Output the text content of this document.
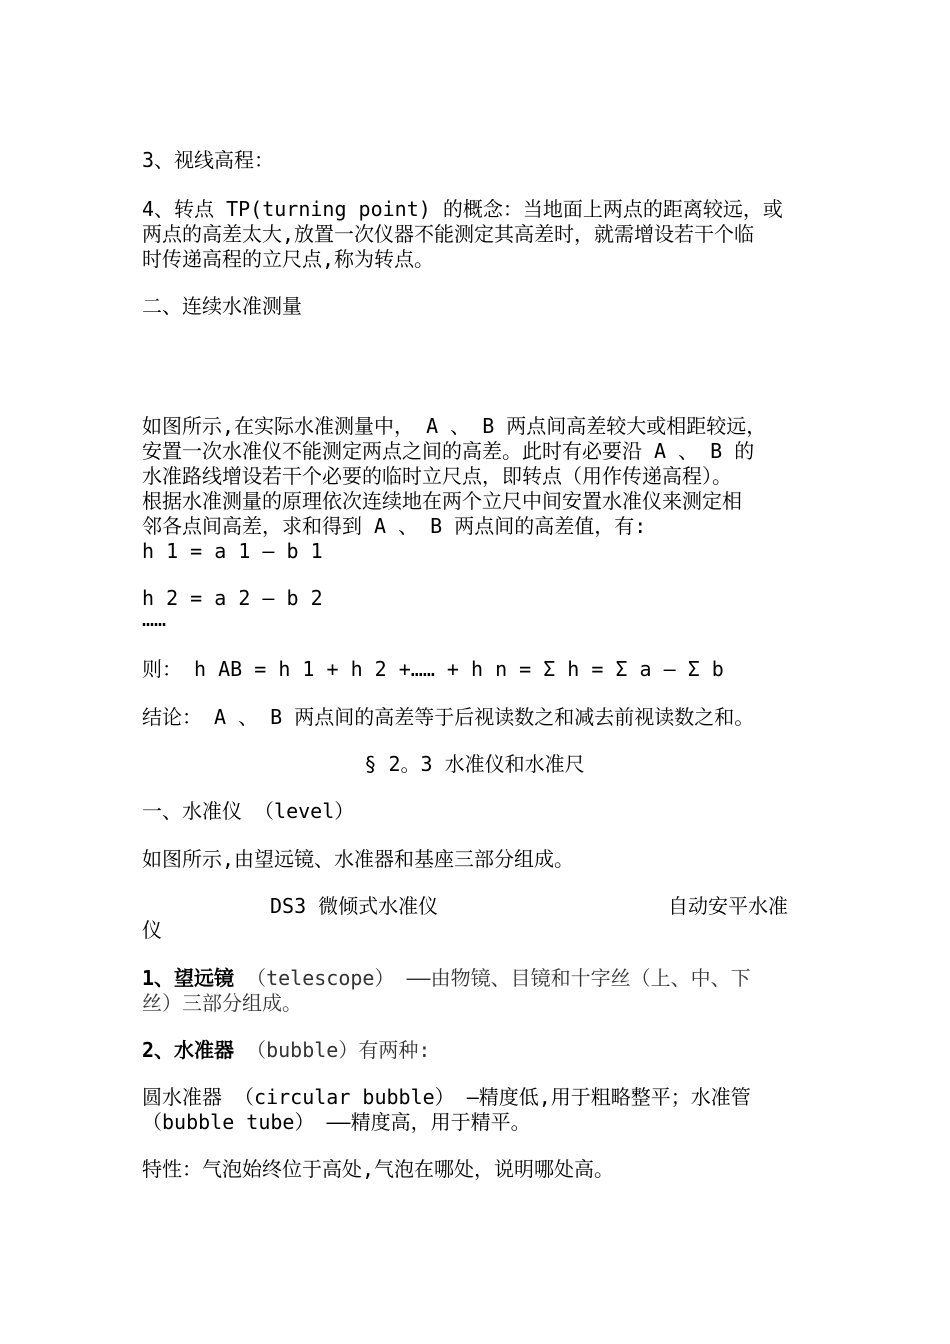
3、视线高程：
4、转点 TP(turning point) 的概念：当地面上两点的距离较远，或
两点的高差太大,放置一次仪器不能测定其高差时，就需增设若干个临
时传递高程的立尺点,称为转点。
二、连续水准测量
如图所示,在实际水准测量中， A 、 B 两点间高差较大或相距较远，
安置一次水准仪不能测定两点之间的高差。此时有必要沿 A 、 B 的
水准路线增设若干个必要的临时立尺点，即转点（用作传递高程）。
根据水准测量的原理依次连续地在两个立尺中间安置水准仪来测定相
邻各点间高差，求和得到 A 、 B 两点间的高差值，有:
h 1 = a 1 — b 1
h 2 = a 2 — b 2
……
则： h AB = h 1 + h 2 +…… + h n = Σ h = Σ a — Σ b
结论： A 、 B 两点间的高差等于后视读数之和减去前视读数之和。
§ 2。3 水准仪和水准尺
一、水准仪 （level）
如图所示,由望远镜、水准器和基座三部分组成。
DS3 微倾式水准仪	自动安平水准
仪
1、望远镜 （telescope） ——由物镜、目镜和十字丝（上、中、下
丝）三部分组成。
2、水准器 （bubble）有两种:
圆水准器 （circular bubble） —精度低,用于粗略整平；水准管
（bubble tube） ——精度高，用于精平。
特性：气泡始终位于高处,气泡在哪处，说明哪处高。
